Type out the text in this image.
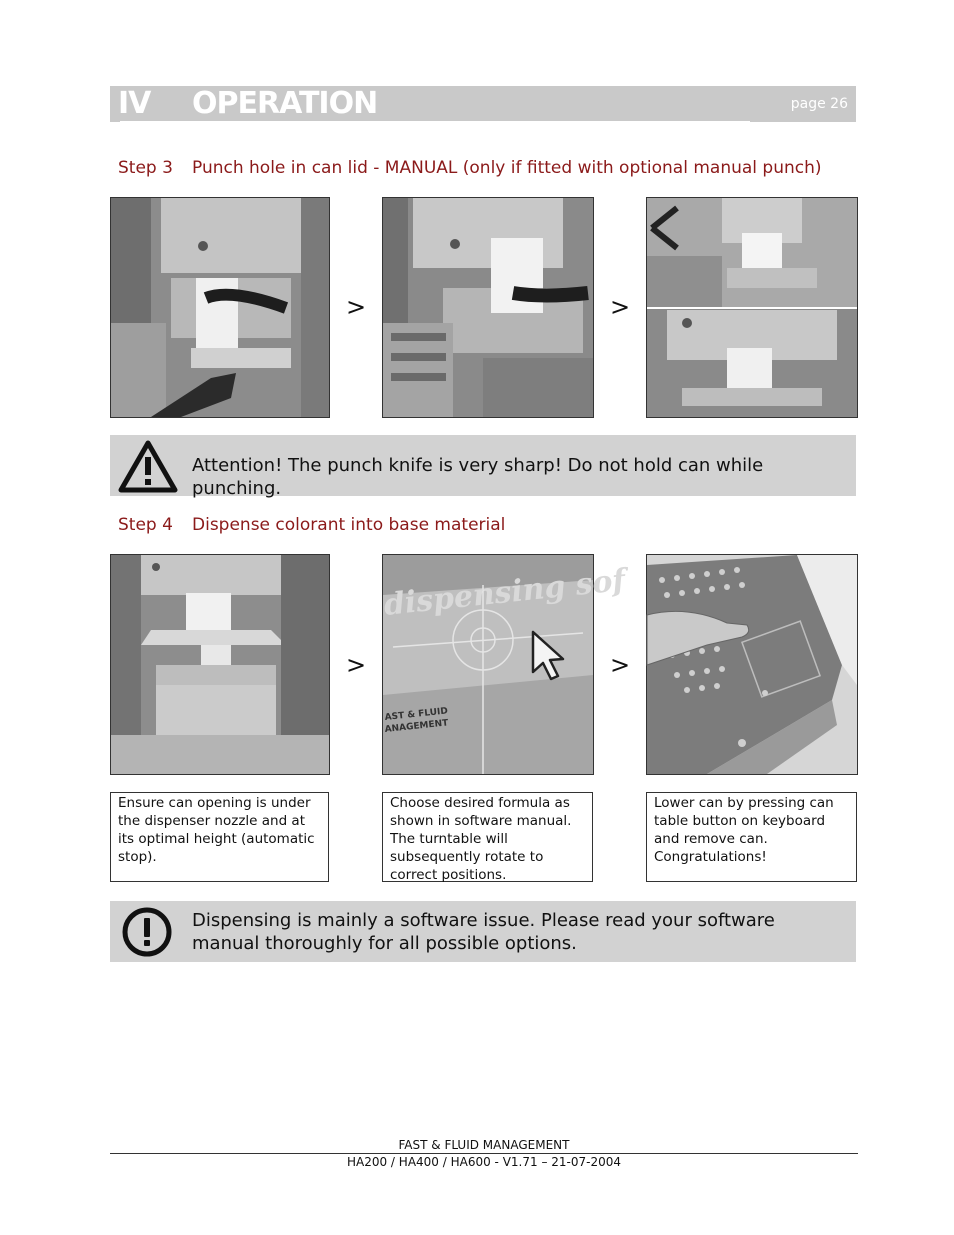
IV OPERATION	page 26
Step 3 Punch hole in can lid - MANUAL (only if fitted with optional manual punch)
>	>
Attention! The punch knife is very sharp! Do not hold can while punching.
Step 4 Dispense colorant into base material
>
dispensing sof
AST & FLUID
ANAGEMENT
>
Ensure can opening is under the dispenser nozzle and at its optimal height (automatic stop).
Choose desired formula as shown in software manual. The turntable will subsequently rotate to correct positions.
Lower can by pressing can table button on keyboard and remove can. Congratulations!
Dispensing is mainly a software issue. Please read your software
manual thoroughly for all possible options.
FAST & FLUID MANAGEMENT
HA200 / HA400 / HA600 - V1.71 – 21-07-2004
